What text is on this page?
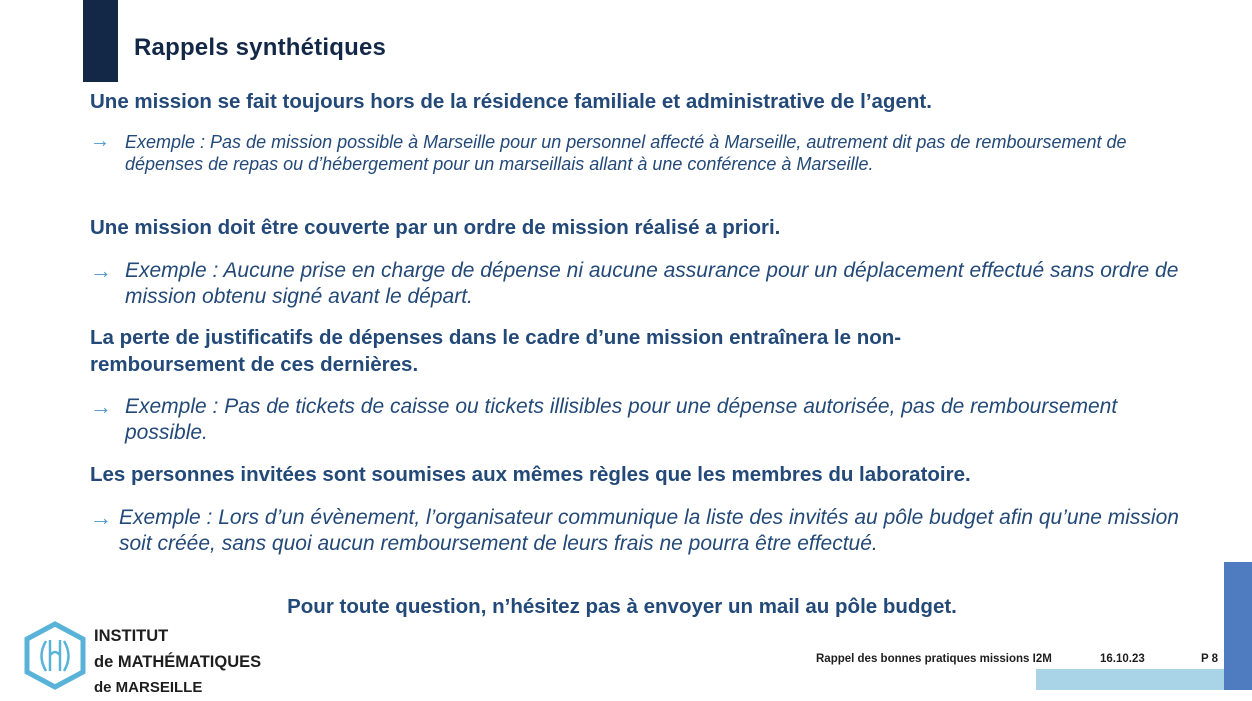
Rappels synthétiques

Une mission se fait toujours hors de la résidence familiale et administrative de l’agent.

→ Exemple : Pas de mission possible à Marseille pour un personnel affecté à Marseille, autrement dit pas de remboursement de dépenses de repas ou d’hébergement pour un marseillais allant à une conférence à Marseille.

Une mission doit être couverte par un ordre de mission réalisé a priori.

→ Exemple : Aucune prise en charge de dépense ni aucune assurance pour un déplacement effectué sans ordre de mission obtenu signé avant le départ.

La perte de justificatifs de dépenses dans le cadre d’une mission entraînera le non-

remboursement de ces dernières.

→ Exemple : Pas de tickets de caisse ou tickets illisibles pour une dépense autorisée, pas de remboursement possible.

Les personnes invitées sont soumises aux mêmes règles que les membres du laboratoire.

→ Exemple : Lors d’un évènement, l’organisateur communique la liste des invités au pôle budget afin qu’une mission soit créée, sans quoi aucun remboursement de leurs frais ne pourra être effectué.

Pour toute question, n’hésitez pas à envoyer un mail au pôle budget.

INSTITUT
de MATHÉMATIQUES
de MARSEILLE
Rappel des bonnes pratiques missions I2M	16.10.23	P 8
